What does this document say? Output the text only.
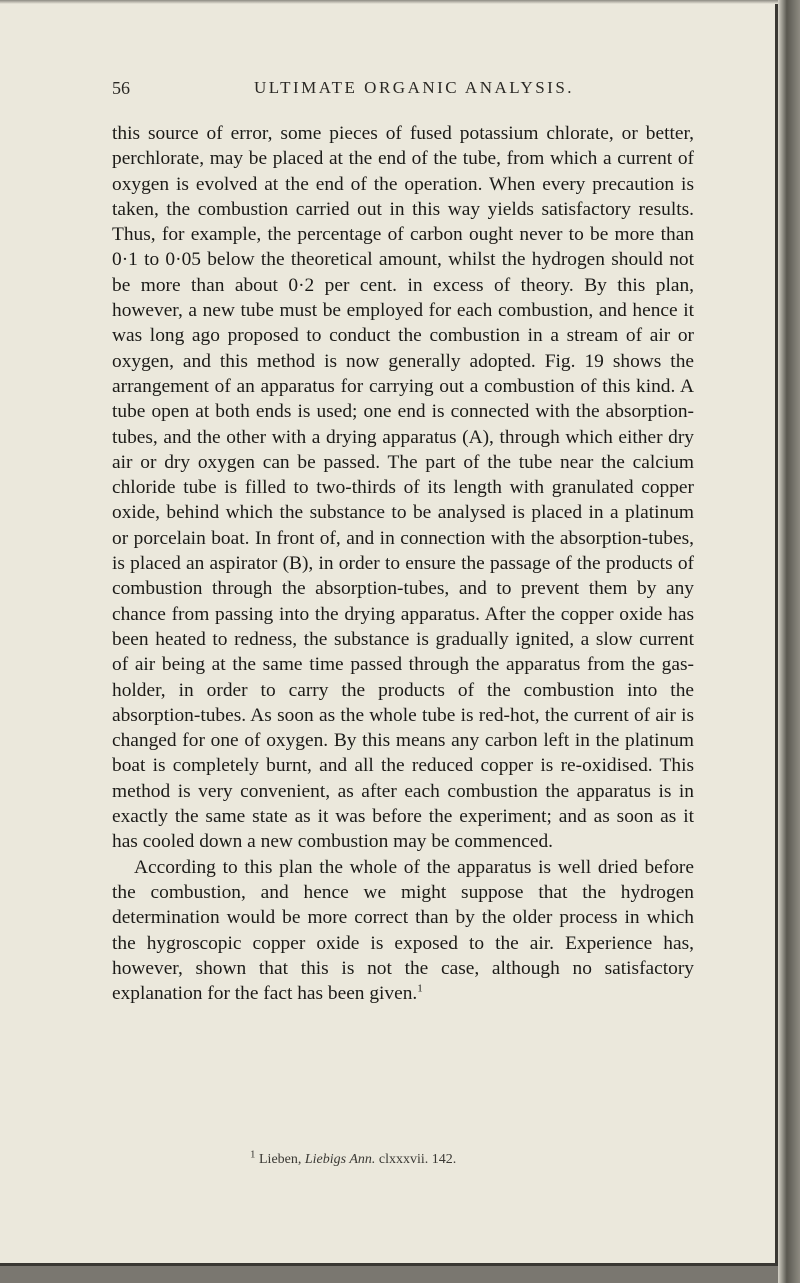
56	ULTIMATE ORGANIC ANALYSIS.

this source of error, some pieces of fused potassium chlorate, or better, perchlorate, may be placed at the end of the tube, from which a current of oxygen is evolved at the end of the operation. When every precaution is taken, the combustion carried out in this way yields satisfactory results. Thus, for example, the percentage of carbon ought never to be more than 0·1 to 0·05 below the theoretical amount, whilst the hydrogen should not be more than about 0·2 per cent. in excess of theory. By this plan, however, a new tube must be employed for each combustion, and hence it was long ago proposed to conduct the combustion in a stream of air or oxygen, and this method is now generally adopted. Fig. 19 shows the arrangement of an apparatus for carrying out a combustion of this kind. A tube open at both ends is used; one end is connected with the absorption-tubes, and the other with a drying apparatus (A), through which either dry air or dry oxygen can be passed. The part of the tube near the calcium chloride tube is filled to two-thirds of its length with granulated copper oxide, behind which the substance to be analysed is placed in a platinum or porcelain boat. In front of, and in connection with the absorption-tubes, is placed an aspirator (B), in order to ensure the passage of the products of combustion through the absorption-tubes, and to prevent them by any chance from passing into the drying apparatus. After the copper oxide has been heated to redness, the substance is gradually ignited, a slow current of air being at the same time passed through the apparatus from the gas-holder, in order to carry the products of the combustion into the absorption-tubes. As soon as the whole tube is red-hot, the current of air is changed for one of oxygen. By this means any carbon left in the platinum boat is completely burnt, and all the reduced copper is re-oxidised. This method is very convenient, as after each combustion the apparatus is in exactly the same state as it was before the experiment; and as soon as it has cooled down a new combustion may be commenced.

According to this plan the whole of the apparatus is well dried before the combustion, and hence we might suppose that the hydrogen determination would be more correct than by the older process in which the hygroscopic copper oxide is exposed to the air. Experience has, however, shown that this is not the case, although no satisfactory explanation for the fact has been given.$^1$

$^1$ Lieben, Liebigs Ann. clxxxvii. 142.
